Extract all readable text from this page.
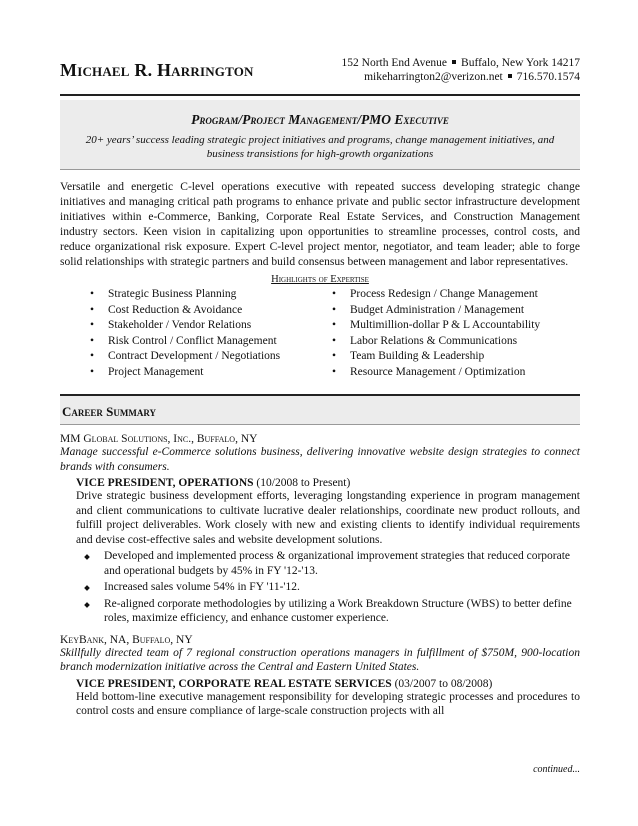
Michael R. Harrington	152 North End Avenue Buffalo, New York 14217
mikeharrington2@verizon.net 716.570.1574
Program/Project Management/PMO Executive
20+ years’ success leading strategic project initiatives and programs, change management initiatives, and business transistions for high-growth organizations
Versatile and energetic C-level operations executive with repeated success developing strategic change initiatives and managing critical path programs to enhance private and public sector infrastructure development initiatives within e-Commerce, Banking, Corporate Real Estate Services, and Construction Management industry sectors. Keen vision in capitalizing upon opportunities to streamline processes, control costs, and reduce organizational risk exposure. Expert C-level project mentor, negotiator, and team leader; able to forge solid relationships with strategic partners and build consensus between management and labor representatives.
Highlights of Expertise
• Strategic Business Planning
• Cost Reduction & Avoidance
• Stakeholder / Vendor Relations
• Risk Control / Conflict Management
• Contract Development / Negotiations
• Project Management
• Process Redesign / Change Management
• Budget Administration / Management
• Multimillion-dollar P & L Accountability
• Labor Relations & Communications
• Team Building & Leadership
• Resource Management / Optimization
Career Summary
MM Global Solutions, Inc., Buffalo, NY
Manage successful e-Commerce solutions business, delivering innovative website design strategies to connect brands with consumers.
VICE PRESIDENT, OPERATIONS (10/2008 to Present)
Drive strategic business development efforts, leveraging longstanding experience in program management and client communications to cultivate lucrative dealer relationships, coordinate new product rollouts, and fulfill project deliverables. Work closely with new and existing clients to identify individual requirements and devise cost-effective sales and website development solutions.
Developed and implemented process & organizational improvement strategies that reduced corporate and operational budgets by 45% in FY '12-'13.
Increased sales volume 54% in FY '11-'12.
Re-aligned corporate methodologies by utilizing a Work Breakdown Structure (WBS) to better define roles, maximize efficiency, and enhance customer experience.
KeyBank, NA, Buffalo, NY
Skillfully directed team of 7 regional construction operations managers in fulfillment of $750M, 900-location branch modernization initiative across the Central and Eastern United States.
VICE PRESIDENT, CORPORATE REAL ESTATE SERVICES (03/2007 to 08/2008)
Held bottom-line executive management responsibility for developing strategic processes and procedures to control costs and ensure compliance of large-scale construction projects with all
continued...
